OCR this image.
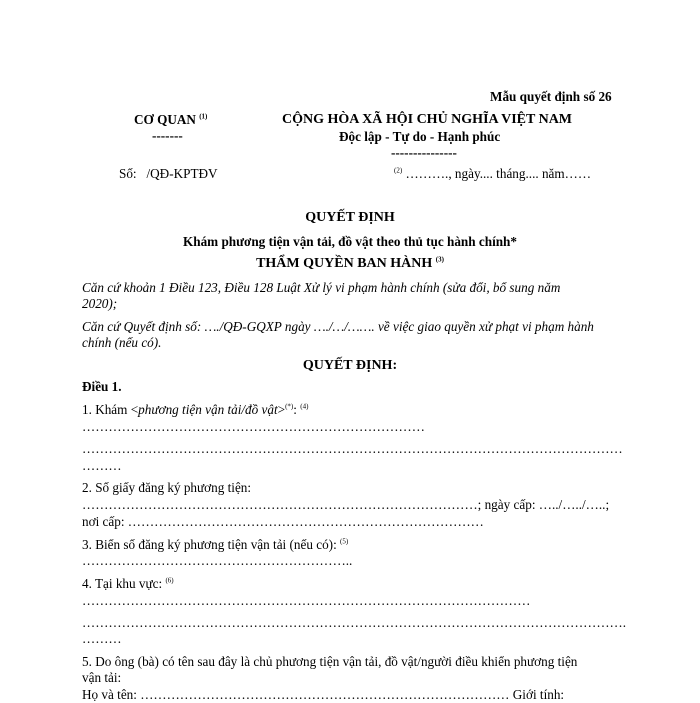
Mẫu quyết định số 26
CƠ QUAN $^{(1)}$
-------
CỘNG HÒA XÃ HỘI CHỦ NGHĨA VIỆT NAM
Độc lập - Tự do - Hạnh phúc
---------------
Số:   /QĐ-KPTĐV	$^{(2)}$ ………., ngày.... tháng.... năm……
QUYẾT ĐỊNH
Khám phương tiện vận tải, đồ vật theo thủ tục hành chính*
THẨM QUYỀN BAN HÀNH $^{(3)}$
Căn cứ khoản 1 Điều 123, Điều 128 Luật Xử lý vi phạm hành chính (sửa đổi, bổ sung năm
2020);
Căn cứ Quyết định số: …./QĐ-GQXP ngày …./…/……. về việc giao quyền xử phạt vi phạm hành
chính (nếu có).
QUYẾT ĐỊNH:
Điều 1.
1. Khám <phương tiện vận tải/đồ vật>(*): $^{(4)}$
……………………………………………………………………
……………………………………………………………………………………………………………
………
2. Số giấy đăng ký phương tiện:
………………………………………………………………………………; ngày cấp: …../…../…..;
nơi cấp: ………………………………………………………………………
3. Biển số đăng ký phương tiện vận tải (nếu có): $^{(5)}$
……………………………………………………..
4. Tại khu vực: $^{(6)}$
…………………………………………………………………………………………
…………………………………………………………………………………………………………….
………
5. Do ông (bà) có tên sau đây là chủ phương tiện vận tải, đồ vật/người điều khiển phương tiện
vận tải:
Họ và tên: ………………………………………………………………………… Giới tính:
